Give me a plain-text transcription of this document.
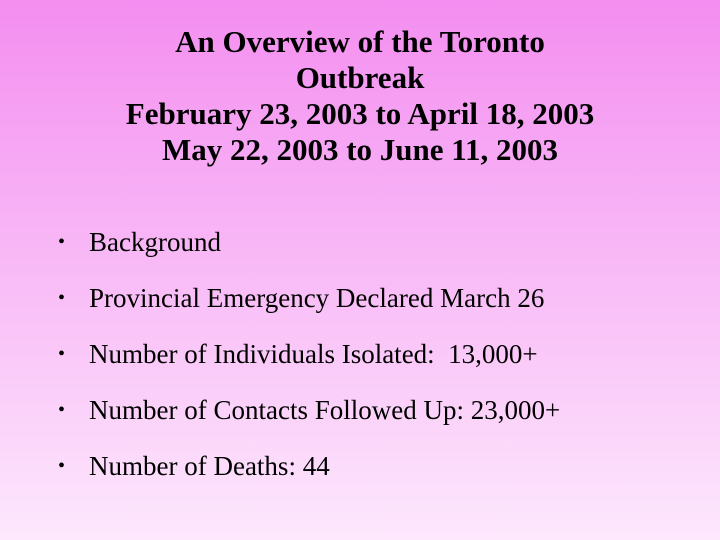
An Overview of the Toronto
Outbreak
February 23, 2003 to April 18, 2003
May 22, 2003 to June 11, 2003
• Background
• Provincial Emergency Declared March 26
• Number of Individuals Isolated:  13,000+
• Number of Contacts Followed Up: 23,000+
• Number of Deaths: 44
